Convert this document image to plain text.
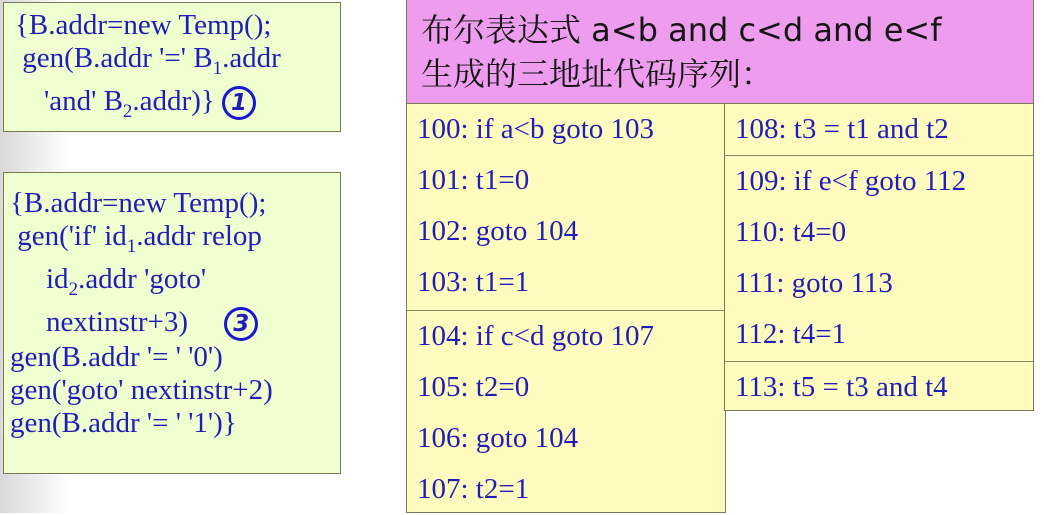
{B.addr=new Temp();
gen(B.addr '=' $B_1.addr$
'and' $B_2.addr$)} 1
{B.addr=new Temp();
gen('if' $id_1.addr$ relop
$id_2.addr$ 'goto'
nextinstr+3) 3
gen(B.addr '= ' '0')
gen('goto' nextinstr+2)
gen(B.addr '= ' '1')}
布尔表达式 a<b and c<d and e<f
生成的三地址代码序列：
100: if a<b goto 103
101: t1=0
102: goto 104
103: t1=1
104: if c<d goto 107
105: t2=0
106: goto 104
107: t2=1
108: t3 = t1 and t2
109: if e<f goto 112
110: t4=0
111: goto 113
112: t4=1
113: t5 = t3 and t4
